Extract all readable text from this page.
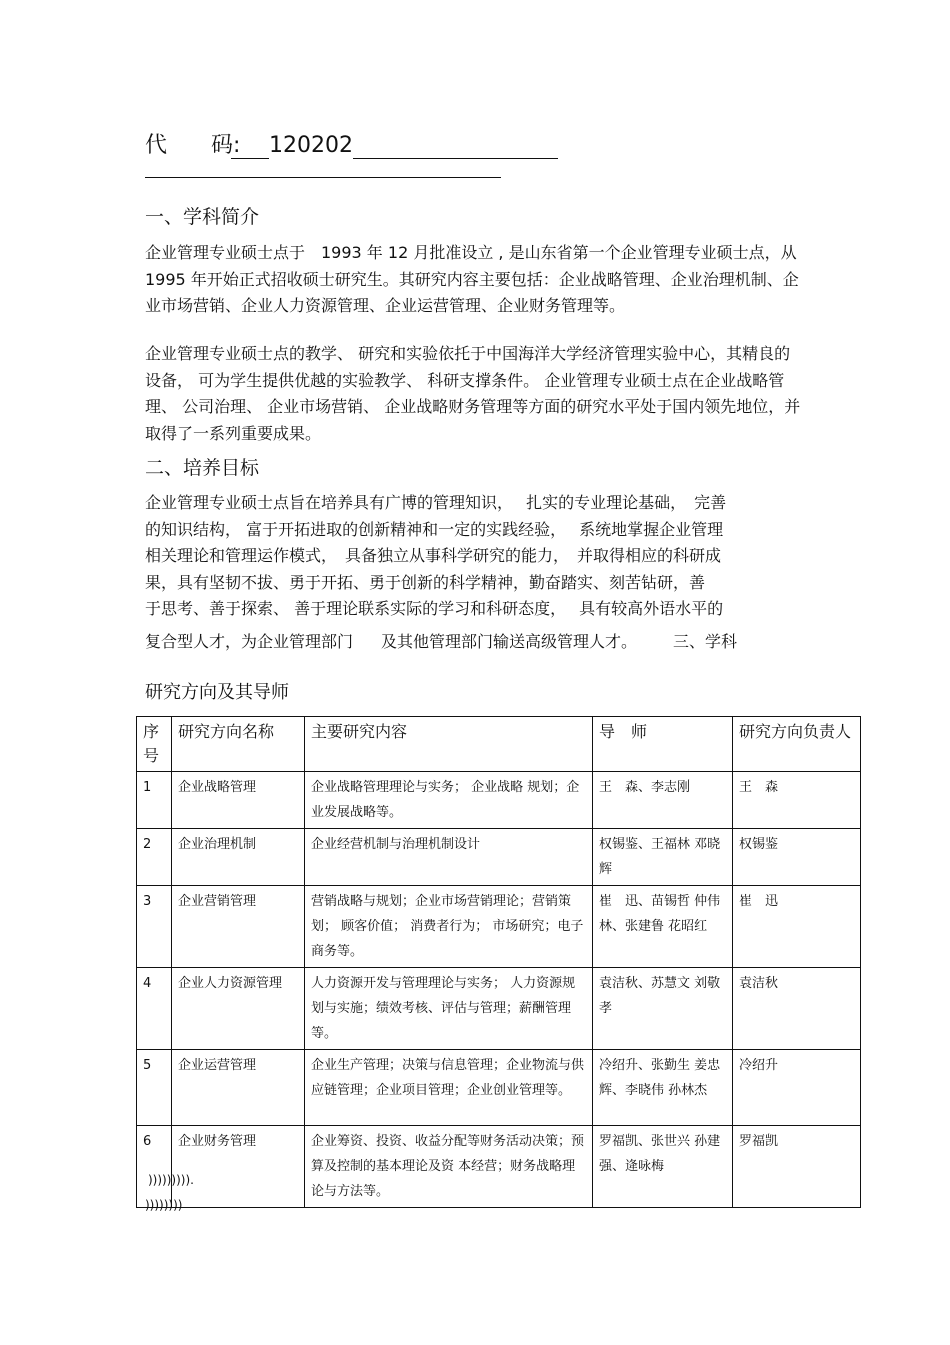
代　　码: 120202
一、学科简介
企业管理专业硕士点于　1993 年 12 月批准设立 , 是山东省第一个企业管理专业硕士点，从 1995 年开始正式招收硕士研究生。其研究内容主要包括：企业战略管理、企业治理机制、企业市场营销、企业人力资源管理、企业运营管理、企业财务管理等。
企业管理专业硕士点的教学、 研究和实验依托于中国海洋大学经济管理实验中心，其精良的设备， 可为学生提供优越的实验教学、 科研支撑条件。 企业管理专业硕士点在企业战略管理、 公司治理、 企业市场营销、 企业战略财务管理等方面的研究水平处于国内领先地位，并取得了一系列重要成果。
二、培养目标
企业管理专业硕士点旨在培养具有广博的管理知识，　 扎实的专业理论基础，　完善
的知识结构， 富于开拓进取的创新精神和一定的实践经验，　 系统地掌握企业管理
相关理论和管理运作模式，　具备独立从事科学研究的能力，　并取得相应的科研成
果，具有坚韧不拔、勇于开拓、勇于创新的科学精神，勤奋踏实、刻苦钻研，善
于思考、善于探索、 善于理论联系实际的学习和科研态度，　 具有较高外语水平的
复合型人才，为企业管理部门 及其他管理部门输送高级管理人才。 三、学科
研究方向及其导师
序号	研究方向名称	主要研究内容	导　师	研究方向负责人
1	企业战略管理	企业战略管理理论与实务； 企业战略 规划；企业发展战略等。	王　森、李志刚	王　森
2	企业治理机制	企业经营机制与治理机制设计	权锡鉴、王福林 邓晓辉	权锡鉴
3	企业营销管理	营销战略与规划；企业市场营销理论；营销策划； 顾客价值； 消费者行为； 市场研究；电子商务等。	崔　迅、苗锡哲 仲伟林、张建鲁 花昭红	崔　迅
4	企业人力资源管理	人力资源开发与管理理论与实务； 人力资源规划与实施；绩效考核、评估与管理；薪酬管理等。	袁洁秋、苏慧文 刘敬孝	袁洁秋
5	企业运营管理	企业生产管理；决策与信息管理；企业物流与供应链管理；企业项目管理；企业创业管理等。	冷绍升、张勤生 姜忠辉、李晓伟 孙林杰	冷绍升
6	企业财务管理	企业筹资、投资、收益分配等财务活动决策；预算及控制的基本理论及资 本经营；财务战略理论与方法等。	罗福凯、张世兴 孙建强、逄咏梅	罗福凯
))))))))).
))))))))
